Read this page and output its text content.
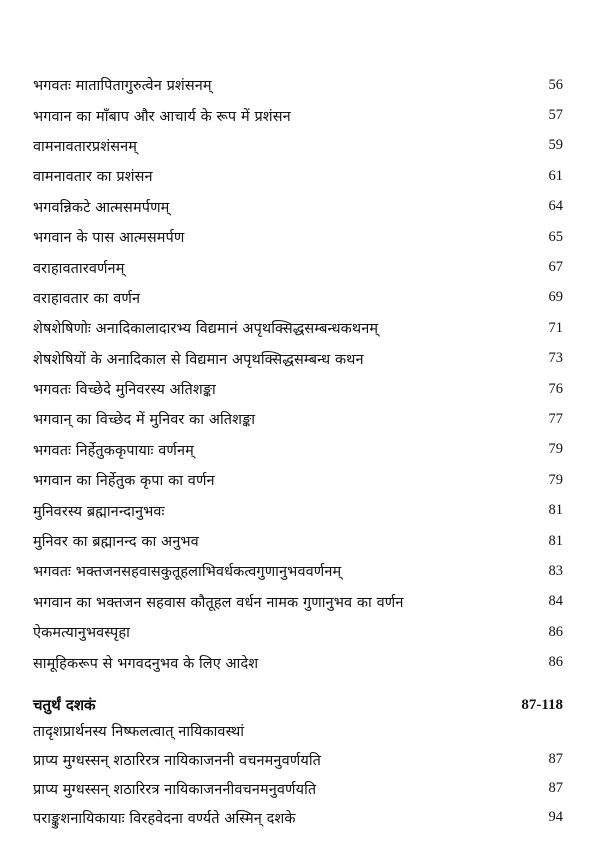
भगवतः मातापितागुरुत्वेन प्रशंसनम्	56
भगवान का माँबाप और आचार्य के रूप में प्रशंसन	57
वामनावतारप्रशंसनम्	59
वामनावतार का प्रशंसन	61
भगवन्निकटे आत्मसमर्पणम्	64
भगवान के पास आत्मसमर्पण	65
वराहावतारवर्णनम्	67
वराहावतार का वर्णन	69
शेषशेषिणोः अनादिकालादारभ्य विद्यमानं अपृथक्सिद्धसम्बन्धकथनम्	71
शेषशेषियों के अनादिकाल से विद्यमान अपृथक्सिद्धसम्बन्ध कथन	73
भगवतः विच्छेदे मुनिवरस्य अतिशङ्का	76
भगवान् का विच्छेद में मुनिवर का अतिशङ्का	77
भगवतः निर्हेतुककृपायाः वर्णनम्	79
भगवान का निर्हेतुक कृपा का वर्णन	79
मुनिवरस्य ब्रह्मानन्दानुभवः	81
मुनिवर का ब्रह्मानन्द का अनुभव	81
भगवतः भक्तजनसहवासकुतूहलाभिवर्धकत्वगुणानुभववर्णनम्	83
भगवान का भक्तजन सहवास कौतूहल वर्धन नामक गुणानुभव का वर्णन	84
ऐकमत्यानुभवस्पृहा	86
सामूहिकरूप से भगवदनुभव के लिए आदेश	86
चतुर्थं दशकं	87-118
तादृशप्रार्थनस्य निष्फलत्वात् नायिकावस्थां
प्राप्य मुग्धस्सन् शठारिरत्र नायिकाजननी वचनमनुवर्णयति	87
प्राप्य मुग्धस्सन् शठारिरत्र नायिकाजननीवचनमनुवर्णयति	87
पराङ्कुशनायिकायाः विरहवेदना वर्ण्यते अस्मिन् दशके	94
